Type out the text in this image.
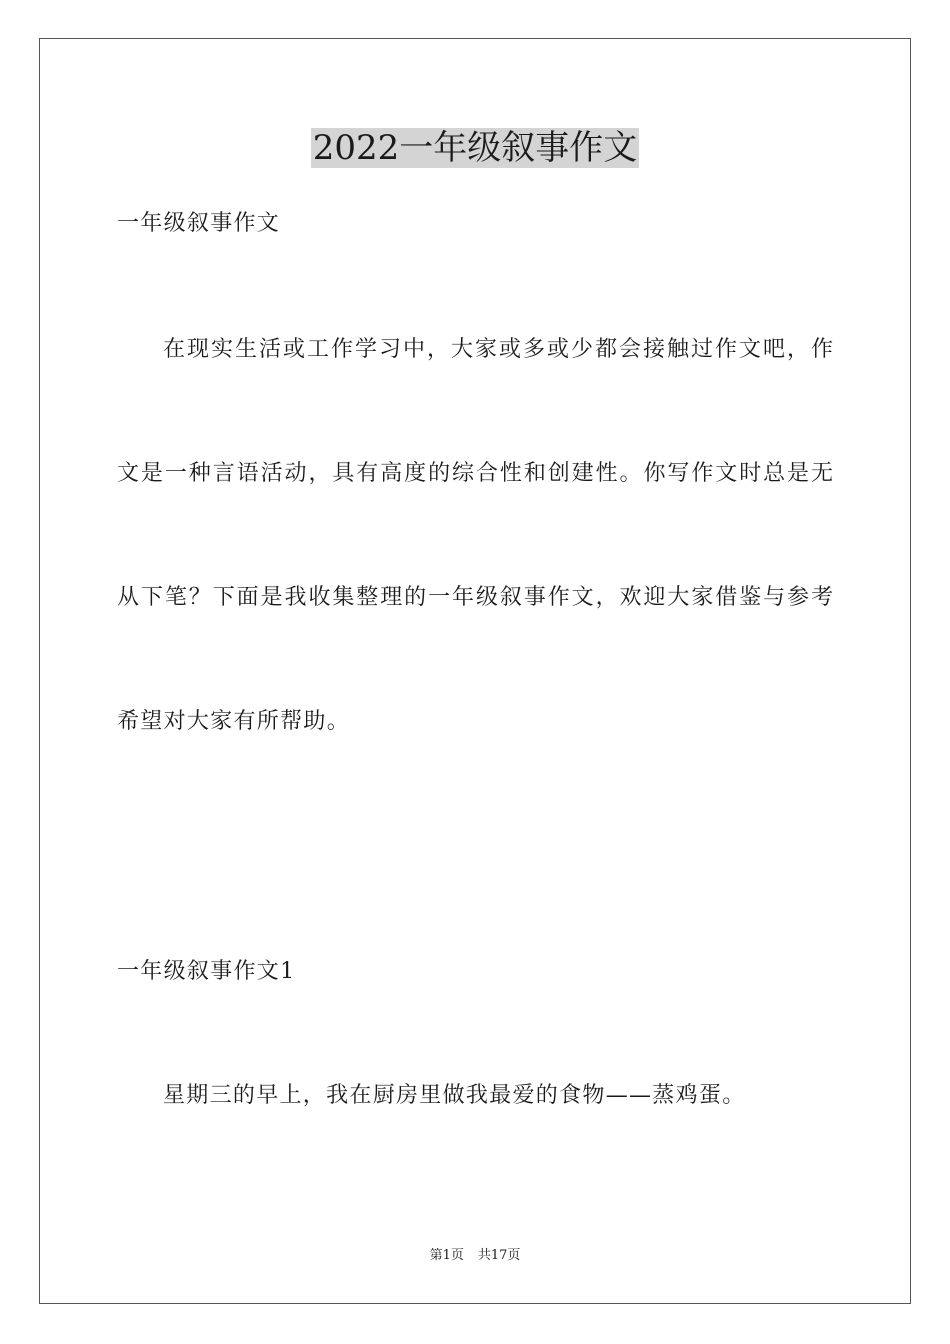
2022一年级叙事作文
一年级叙事作文
在现实生活或工作学习中，大家或多或少都会接触过作文吧，作
文是一种言语活动，具有高度的综合性和创建性。你写作文时总是无
从下笔？下面是我收集整理的一年级叙事作文，欢迎大家借鉴与参考
希望对大家有所帮助。
一年级叙事作文1
星期三的早上，我在厨房里做我最爱的食物——蒸鸡蛋。
第1页 共17页
